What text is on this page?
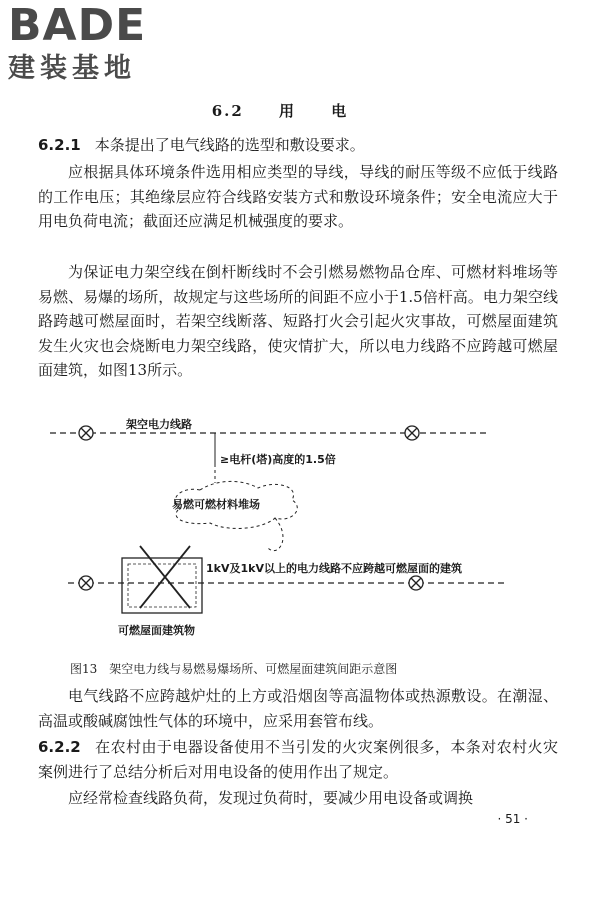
BADE
建装基地
6.2 用 电
6.2.1 本条提出了电气线路的选型和敷设要求。
应根据具体环境条件选用相应类型的导线，导线的耐压等级不应低于线路的工作电压；其绝缘层应符合线路安装方式和敷设环境条件；安全电流应大于用电负荷电流；截面还应满足机械强度的要求。
为保证电力架空线在倒杆断线时不会引燃易燃物品仓库、可燃材料堆场等易燃、易爆的场所，故规定与这些场所的间距不应小于1.5倍杆高。电力架空线路跨越可燃屋面时，若架空线断落、短路打火会引起火灾事故，可燃屋面建筑发生火灾也会烧断电力架空线路，使灾情扩大，所以电力线路不应跨越可燃屋面建筑，如图13所示。
架空电力线路
≥电杆(塔)高度的1.5倍
易燃可燃材料堆场
1kV及1kV以上的电力线路不应跨越可燃屋面的建筑
可燃屋面建筑物
图13　架空电力线与易燃易爆场所、可燃屋面建筑间距示意图
电气线路不应跨越炉灶的上方或沿烟囱等高温物体或热源敷设。在潮湿、高温或酸碱腐蚀性气体的环境中，应采用套管布线。
6.2.2 在农村由于电器设备使用不当引发的火灾案例很多，本条对农村火灾案例进行了总结分析后对用电设备的使用作出了规定。
应经常检查线路负荷，发现过负荷时，要减少用电设备或调换
· 51 ·
